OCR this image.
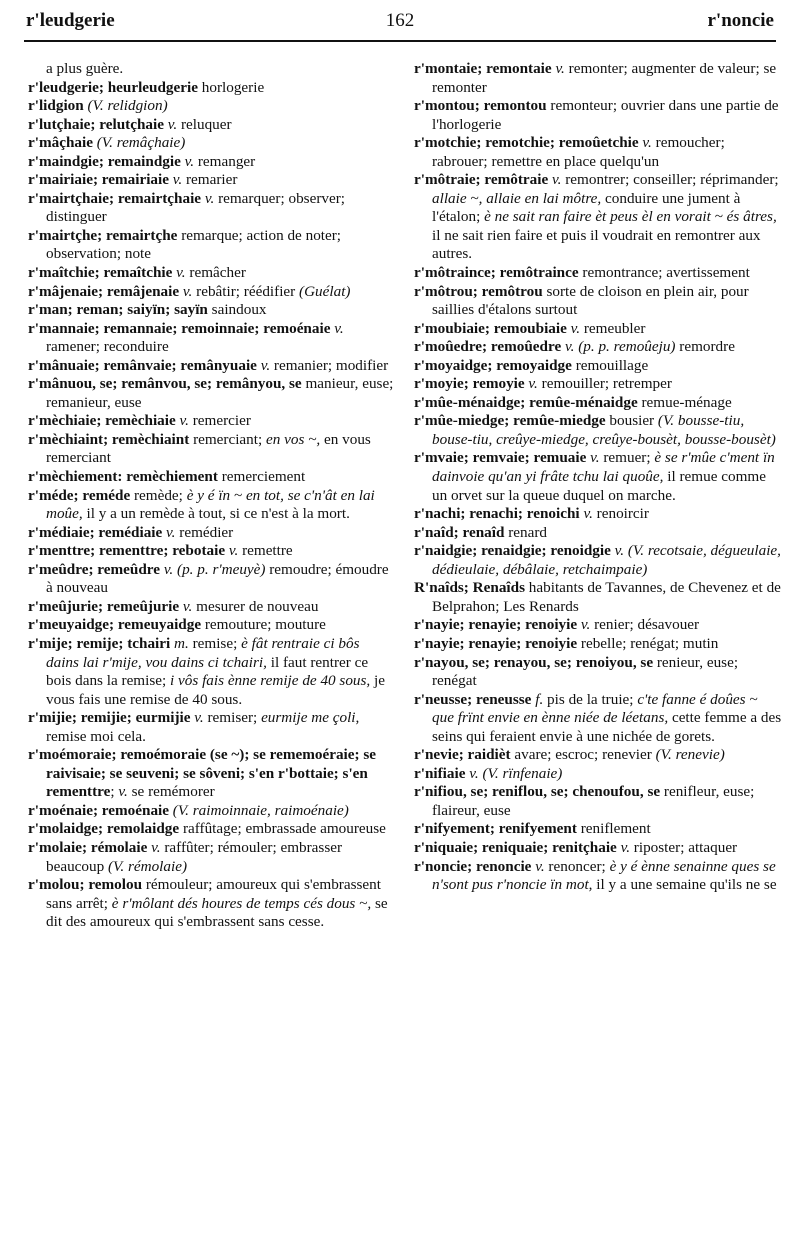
r'leudgerie	162	r'noncie

a plus guère.

r'leudgerie; heurleudgerie horlogerie

r'lidgion (V. relidgion)

r'lutçhaie; relutçhaie v. reluquer

r'mâçhaie (V. remâçhaie)

r'maindgie; remaindgie v. remanger

r'mairiaie; remairiaie v. remarier

r'mairtçhaie; remairtçhaie v. remarquer; observer; distinguer

r'mairtçhe; remairtçhe remarque; action de noter; observation; note

r'maîtchie; remaîtchie v. remâcher

r'mâjenaie; remâjenaie v. rebâtir; réédifier (Guélat)

r'man; reman; saiyïn; sayïn saindoux

r'mannaie; remannaie; remoinnaie; remoénaie v. ramener; reconduire

r'mânuaie; remânvaie; remânyuaie v. remanier; modifier

r'mânuou, se; remânvou, se; remânyou, se manieur, euse; remanieur, euse

r'mèchiaie; remèchiaie v. remercier

r'mèchiaint; remèchiaint remerciant; en vos ~, en vous remerciant

r'mèchiement: remèchiement remerciement

r'méde; reméde remède; è y é ïn ~ en tot, se c'n'ât en lai moûe, il y a un remède à tout, si ce n'est à la mort.

r'médiaie; remédiaie v. remédier

r'menttre; rementtre; rebotaie v. remettre

r'meûdre; remeûdre v. (p. p. r'meuyè) remoudre; émoudre à nouveau

r'meûjurie; remeûjurie v. mesurer de nouveau

r'meuyaidge; remeuyaidge remouture; mouture

r'mije; remije; tchairi m. remise; è fât rentraie ci bôs dains lai r'mije, vou dains ci tchairi, il faut rentrer ce bois dans la remise; i vôs fais ènne remije de 40 sous, je vous fais une remise de 40 sous.

r'mijie; remijie; eurmijie v. remiser; eurmije me çoli, remise moi cela.

r'moémoraie; remoémoraie (se ~); se rememoéraie; se raivisaie; se seuveni; se sôveni; s'en r'bottaie; s'en rementtre; v. se remémorer

r'moénaie; remoénaie (V. raimoinnaie, raimoénaie)

r'molaidge; remolaidge raffûtage; embrassade amoureuse

r'molaie; rémolaie v. raffûter; rémouler; embrasser beaucoup (V. rémolaie)

r'molou; remolou rémouleur; amoureux qui s'embrassent sans arrêt; è r'môlant dés houres de temps cés dous ~, se dit des amoureux qui s'embrassent sans cesse.

r'montaie; remontaie v. remonter; augmenter de valeur; se remonter

r'montou; remontou remonteur; ouvrier dans une partie de l'horlogerie

r'motchie; remotchie; remoûetchie v. remoucher; rabrouer; remettre en place quelqu'un

r'môtraie; remôtraie v. remontrer; conseiller; réprimander; allaie ~, allaie en lai môtre, conduire une jument à l'étalon; è ne sait ran faire èt peus èl en vorait ~ és âtres, il ne sait rien faire et puis il voudrait en remontrer aux autres.

r'môtraince; remôtraince remontrance; avertissement

r'môtrou; remôtrou sorte de cloison en plein air, pour saillies d'étalons surtout

r'moubiaie; remoubiaie v. remeubler

r'moûedre; remoûedre v. (p. p. remoûeju) remordre

r'moyaidge; remoyaidge remouillage

r'moyie; remoyie v. remouiller; retremper

r'mûe-ménaidge; remûe-ménaidge remue-ménage

r'mûe-miedge; remûe-miedge bousier (V. bousse-tiu, bouse-tiu, creûye-miedge, creûye-bousèt, bousse-bousèt)

r'mvaie; remvaie; remuaie v. remuer; è se r'mûe c'ment ïn dainvoie qu'an yi frâte tchu lai quoûe, il remue comme un orvet sur la queue duquel on marche.

r'nachi; renachi; renoichi v. renoircir

r'naîd; renaîd renard

r'naidgie; renaidgie; renoidgie v. (V. recotsaie, dégueulaie, dédieulaie, débâlaie, retchaimpaie)

R'naîds; Renaîds habitants de Tavannes, de Chevenez et de Belprahon; Les Renards

r'nayie; renayie; renoiyie v. renier; désavouer

r'nayie; renayie; renoiyie rebelle; renégat; mutin

r'nayou, se; renayou, se; renoiyou, se renieur, euse; renégat

r'neusse; reneusse f. pis de la truie; c'te fanne é doûes ~ que frïnt envie en ènne niée de léetans, cette femme a des seins qui feraient envie à une nichée de gorets.

r'nevie; raidièt avare; escroc; renevier (V. renevie)

r'nifiaie v. (V. rïnfenaie)

r'nifiou, se; reniflou, se; chenoufou, se renifleur, euse; flaireur, euse

r'nifyement; renifyement reniflement

r'niquaie; reniquaie; renitçhaie v. riposter; attaquer

r'noncie; renoncie v. renoncer; è y é ènne senainne ques se n'sont pus r'noncie ïn mot, il y a une semaine qu'ils ne se
